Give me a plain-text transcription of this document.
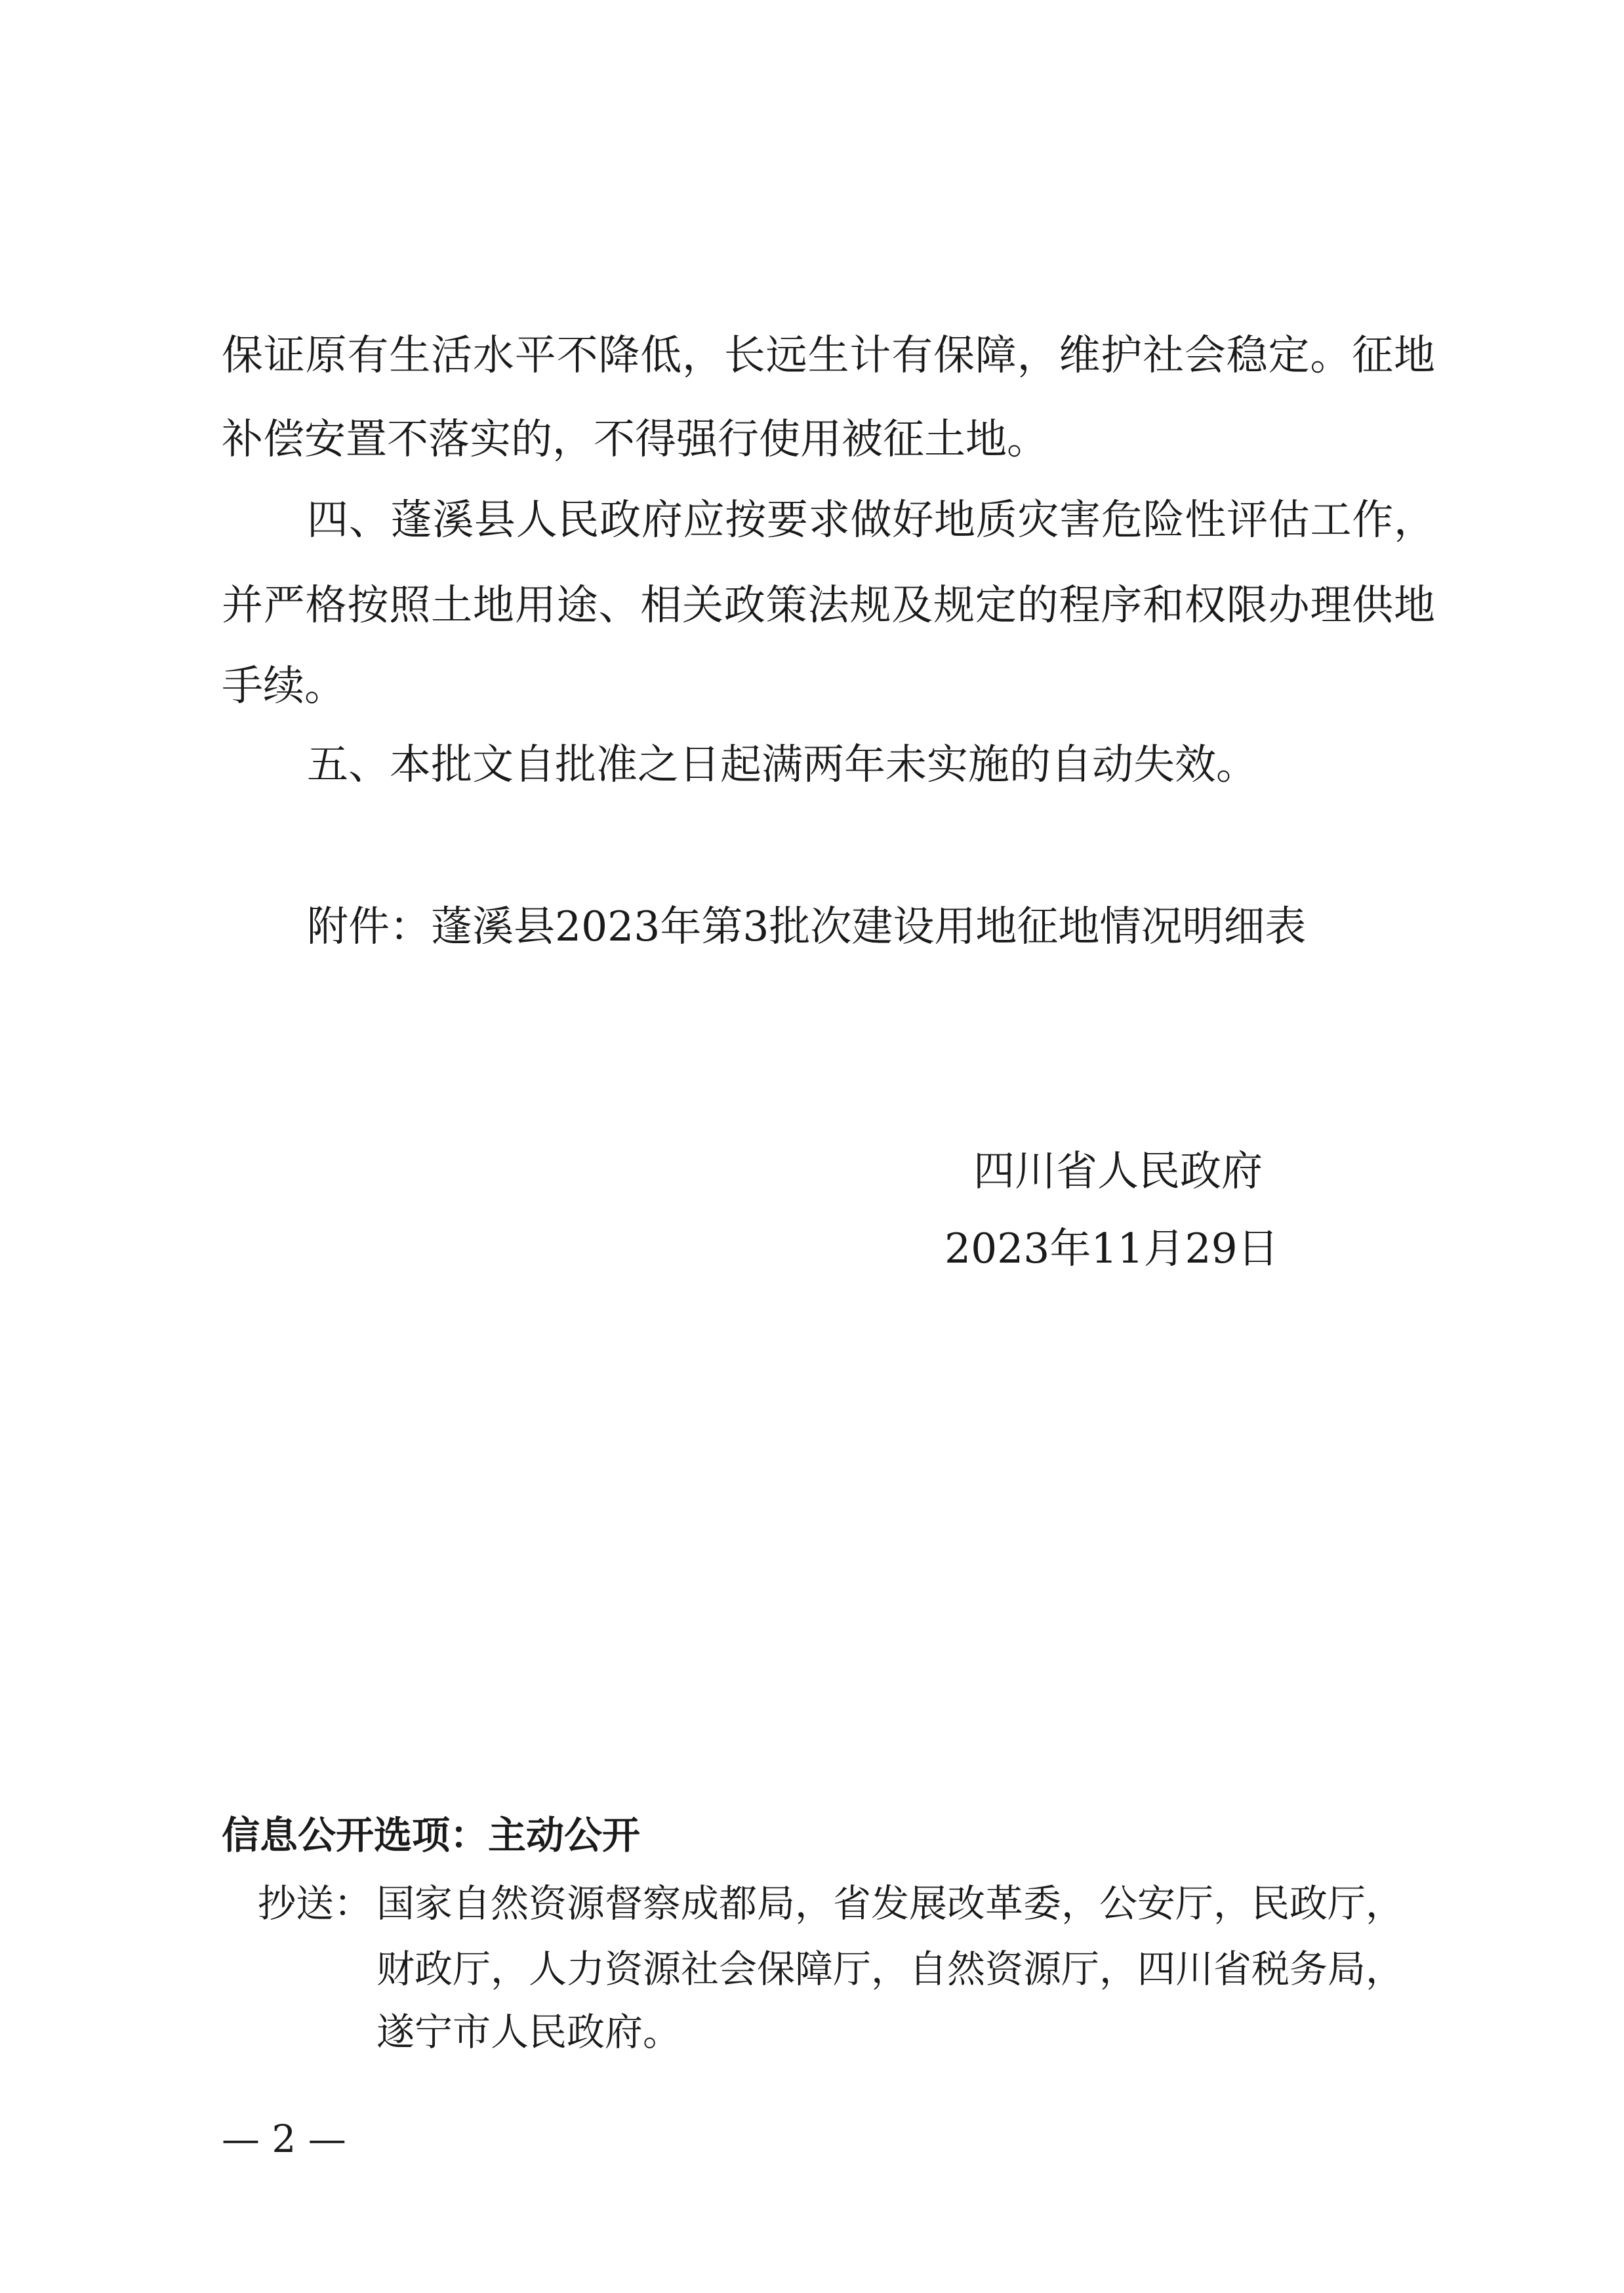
保证原有生活水平不降低，长远生计有保障，维护社会稳定。征地
补偿安置不落实的，不得强行使用被征土地。
四、蓬溪县人民政府应按要求做好地质灾害危险性评估工作，
并严格按照土地用途、相关政策法规及规定的程序和权限办理供地
手续。
五、本批文自批准之日起满两年未实施的自动失效。
附件：蓬溪县2023年第3批次建设用地征地情况明细表
四川省人民政府
2023年11月29日
信息公开选项：主动公开
抄送： 国家自然资源督察成都局，省发展改革委，公安厅，民政厅，
财政厅，人力资源社会保障厅，自然资源厅，四川省税务局，
遂宁市人民政府。
— 2 —
